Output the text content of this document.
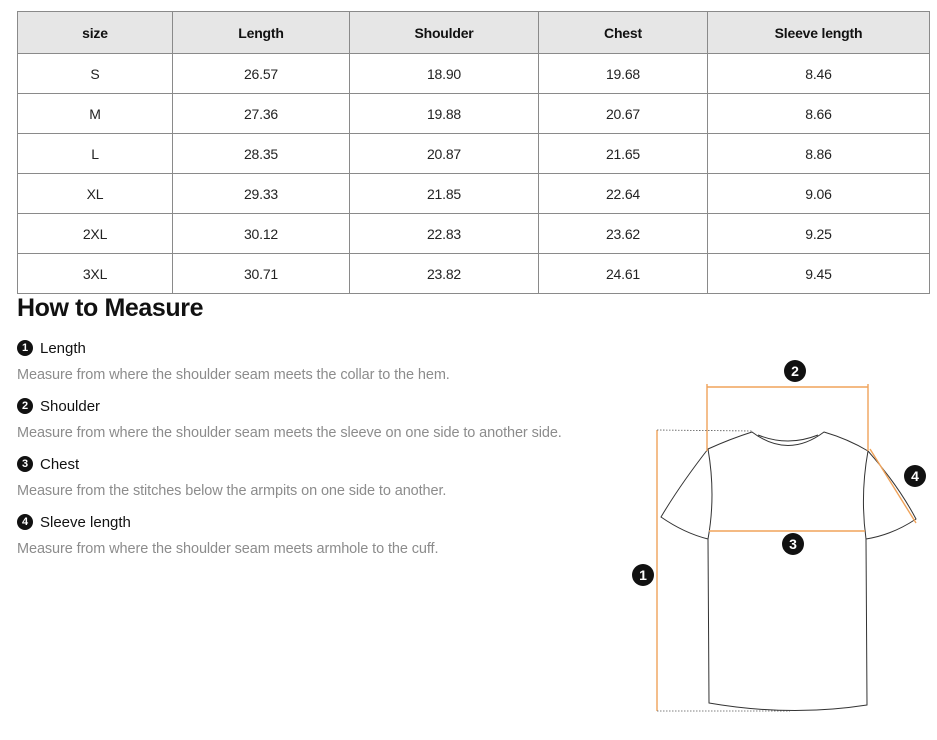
size	Length	Shoulder	Chest	Sleeve length
S	26.57	18.90	19.68	8.46
M	27.36	19.88	20.67	8.66
L	28.35	20.87	21.65	8.86
XL	29.33	21.85	22.64	9.06
2XL	30.12	22.83	23.62	9.25
3XL	30.71	23.82	24.61	9.45
How to Measure
1 Length
Measure from where the shoulder seam meets the collar to the hem.
2 Shoulder
Measure from where the shoulder seam meets the sleeve on one side to another side.
3 Chest
Measure from the stitches below the armpits on one side to another.
4 Sleeve length
Measure from where the shoulder seam meets armhole to the cuff.
1
2
3
4
